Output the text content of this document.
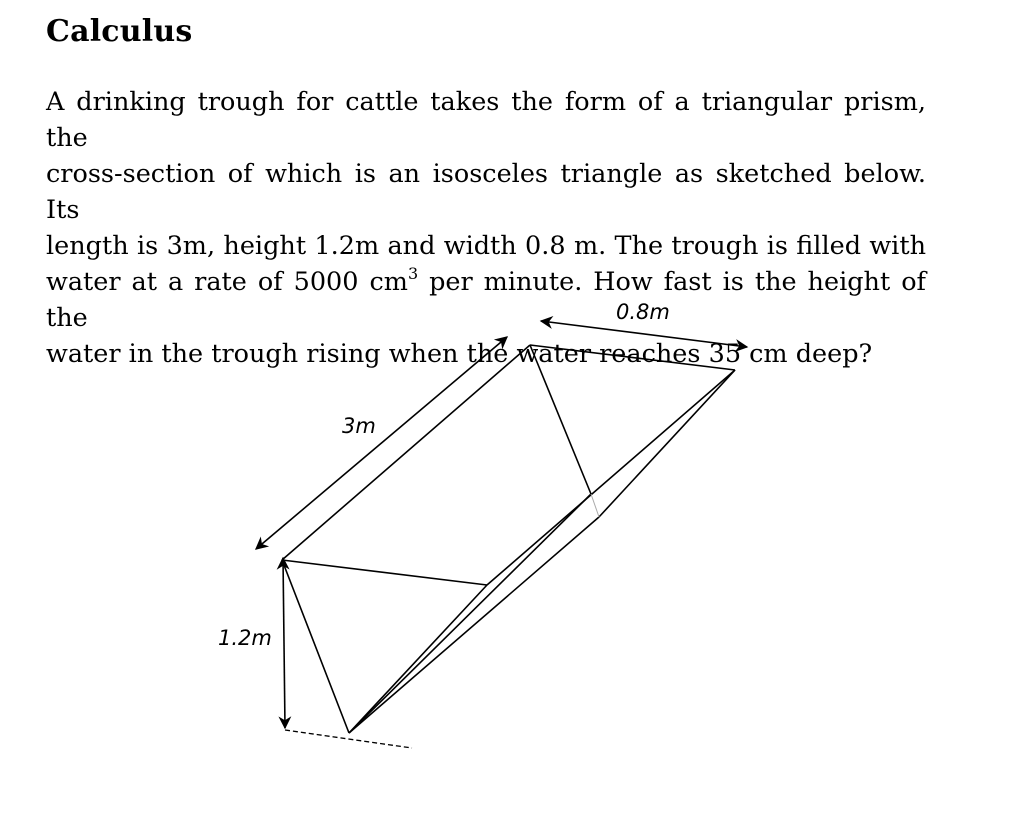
Calculus
A drinking trough for cattle takes the form of a triangular prism, the
cross-section of which is an isosceles triangle as sketched below. Its
length is 3m, height 1.2m and width 0.8 m. The trough is filled with
water at a rate of 5000 $cm^3$ per minute. How fast is the height of the
water in the trough rising when the water reaches 35 cm deep?
3m
1.2m
0.8m
